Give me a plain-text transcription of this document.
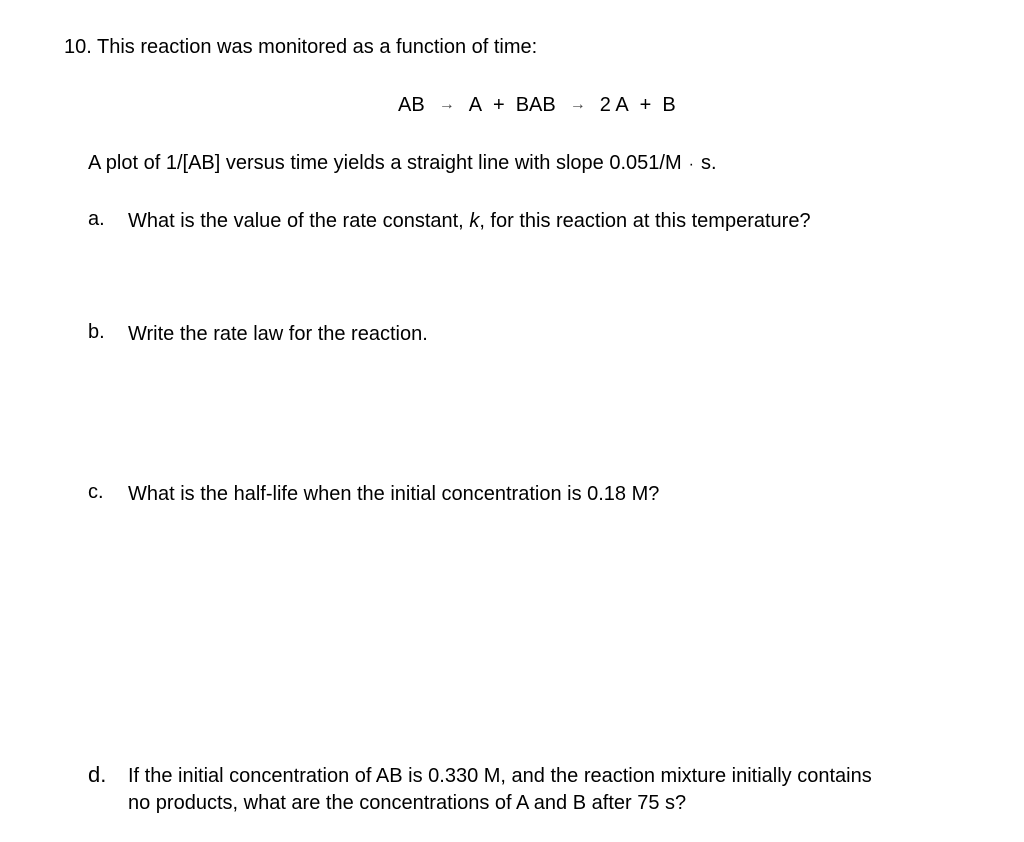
10. This reaction was monitored as a function of time:
AB → A + BAB → 2 A + B
A plot of 1/[AB] versus time yields a straight line with slope 0.051/M · s.
a.	What is the value of the rate constant, k, for this reaction at this temperature?
b.	Write the rate law for the reaction.
c.	What is the half-life when the initial concentration is 0.18 M?
d.	If the initial concentration of AB is 0.330 M, and the reaction mixture initially contains
no products, what are the concentrations of A and B after 75 s?
